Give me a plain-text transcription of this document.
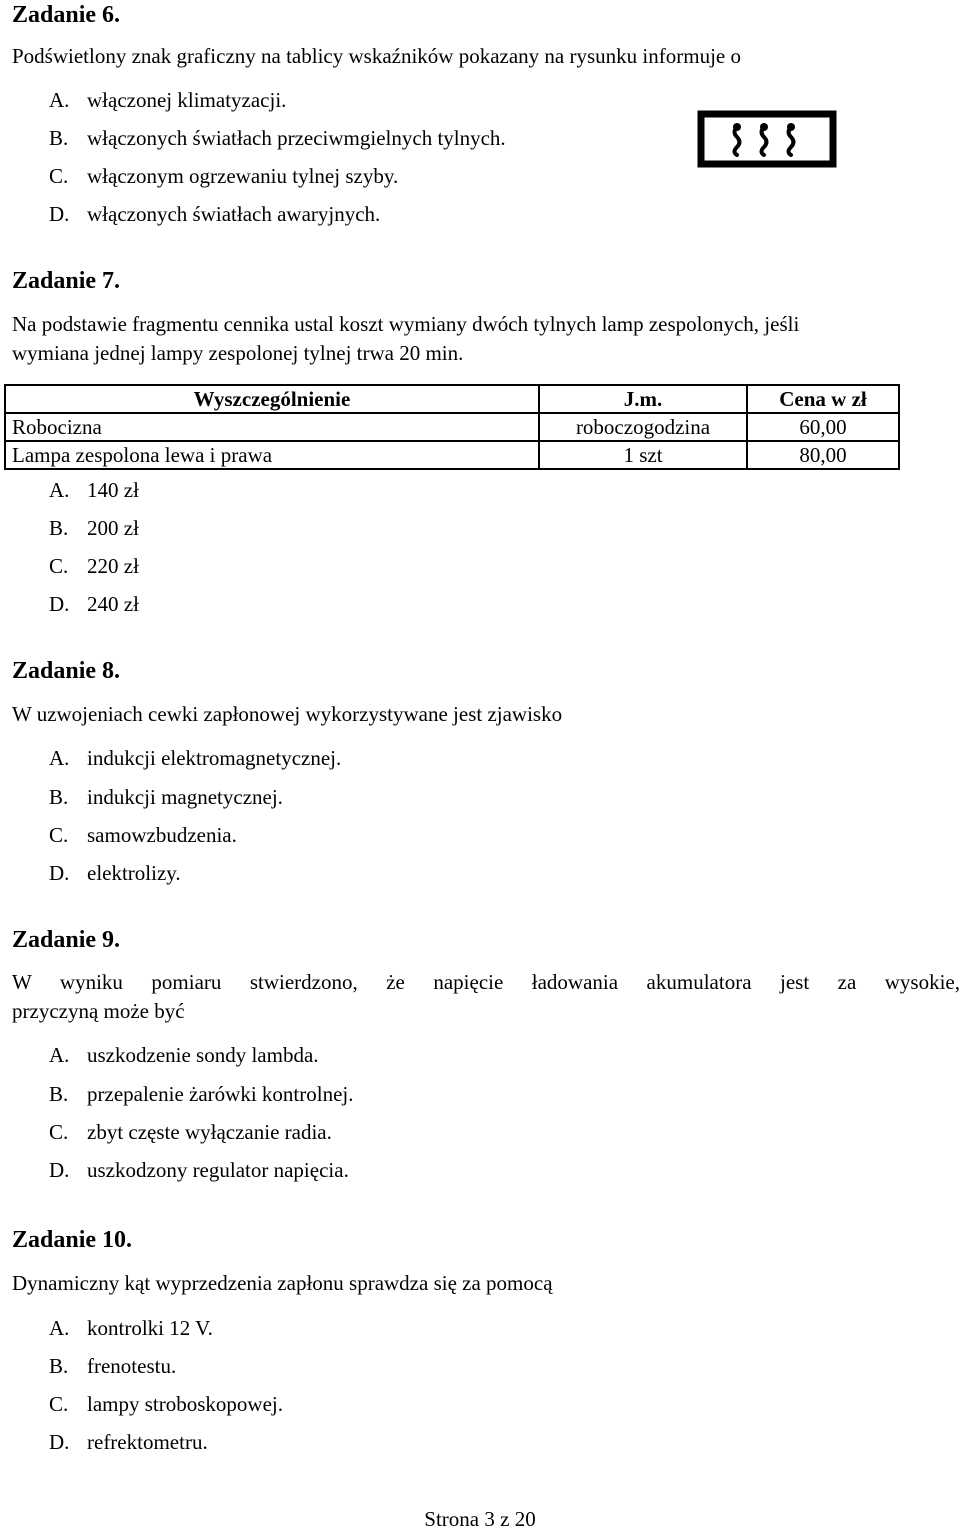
Zadanie 6.
Podświetlony znak graficzny na tablicy wskaźników pokazany na rysunku informuje o
A. włączonej klimatyzacji.
B. włączonych światłach przeciwmgielnych tylnych.
C. włączonym ogrzewaniu tylnej szyby.
D. włączonych światłach awaryjnych.
Zadanie 7.
Na podstawie fragmentu cennika ustal koszt wymiany dwóch tylnych lamp zespolonych, jeśli
wymiana jednej lampy zespolonej tylnej trwa 20 min.
Wyszczególnienie	J.m.	Cena w zł
Robocizna	roboczogodzina	60,00
Lampa zespolona lewa i prawa	1 szt	80,00
A. 140 zł
B. 200 zł
C. 220 zł
D. 240 zł
Zadanie 8.
W uzwojeniach cewki zapłonowej wykorzystywane jest zjawisko
A. indukcji elektromagnetycznej.
B. indukcji magnetycznej.
C. samowzbudzenia.
D. elektrolizy.
Zadanie 9.
W wyniku pomiaru stwierdzono, że napięcie ładowania akumulatora jest za wysokie,
przyczyną może być
A. uszkodzenie sondy lambda.
B. przepalenie żarówki kontrolnej.
C. zbyt częste wyłączanie radia.
D. uszkodzony regulator napięcia.
Zadanie 10.
Dynamiczny kąt wyprzedzenia zapłonu sprawdza się za pomocą
A. kontrolki 12 V.
B. frenotestu.
C. lampy stroboskopowej.
D. refrektometru.
Strona 3 z 20
